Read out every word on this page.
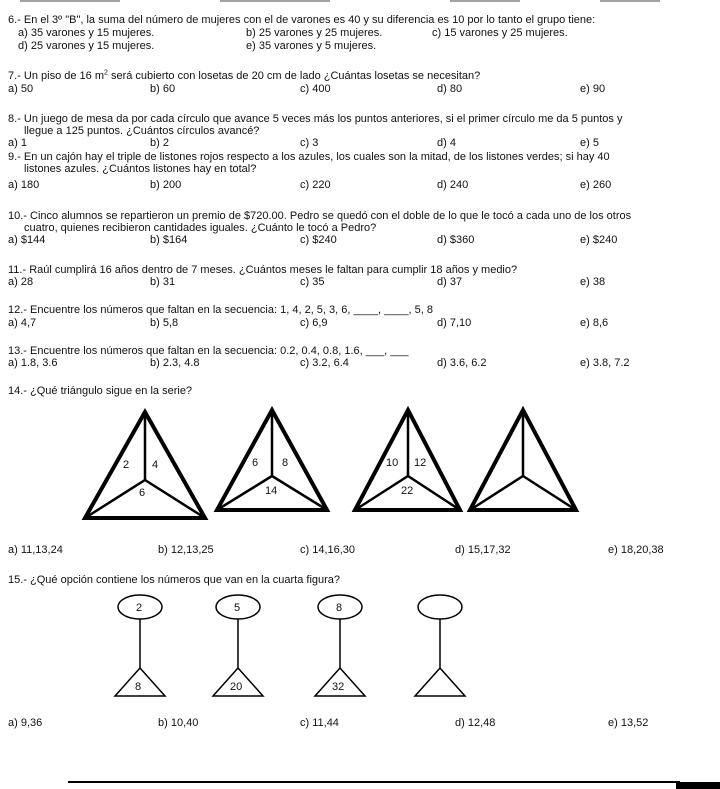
6.- En el 3º "B", la suma del número de mujeres con el de varones es 40 y su diferencia es 10 por lo tanto el grupo tiene:
a) 35 varones y 15 mujeres.	b) 25 varones y 25 mujeres.	c) 15 varones y 25 mujeres.
d) 25 varones y 15 mujeres.	e) 35 varones y 5 mujeres.
7.- Un piso de 16 $m^2$ será cubierto con losetas de 20 cm de lado ¿Cuántas losetas se necesitan?
a) 50	b) 60	c) 400	d) 80	e) 90
8.- Un juego de mesa da por cada círculo que avance 5 veces más los puntos anteriores, si el primer círculo me da 5 puntos y
llegue a 125 puntos. ¿Cuántos círculos avancé?
a) 1	b) 2	c) 3	d) 4	e) 5
9.- En un cajón hay el triple de listones rojos respecto a los azules, los cuales son la mitad, de los listones verdes; si hay 40
listones azules. ¿Cuántos listones hay en total?
a) 180	b) 200	c) 220	d) 240	e) 260
10.- Cinco alumnos se repartieron un premio de $720.00. Pedro se quedó con el doble de lo que le tocó a cada uno de los otros
cuatro, quienes recibieron cantidades iguales. ¿Cuánto le tocó a Pedro?
a) $144	b) $164	c) $240	d) $360	e) $240
11.- Raúl cumplirá 16 años dentro de 7 meses. ¿Cuántos meses le faltan para cumplir 18 años y medio?
a) 28	b) 31	c) 35	d) 37	e) 38
12.- Encuentre los números que faltan en la secuencia: 1, 4, 2, 5, 3, 6, ____, ____, 5, 8
a) 4,7	b) 5,8	c) 6,9	d) 7,10	e) 8,6
13.- Encuentre los números que faltan en la secuencia: 0.2, 0.4, 0.8, 1.6, ___, ___
a) 1.8, 3.6	b) 2.3, 4.8	c) 3.2, 6.4	d) 3.6, 6.2	e) 3.8, 7.2
14.- ¿Qué triángulo sigue en la serie?
2 4
6
6 8
14
10 12
22
a) 11,13,24	b) 12,13,25	c) 14,16,30	d) 15,17,32	e) 18,20,38
15.- ¿Qué opción contiene los números que van en la cuarta figura?
2
8
5
20
8
32
a) 9,36	b) 10,40	c) 11,44	d) 12,48	e) 13,52
